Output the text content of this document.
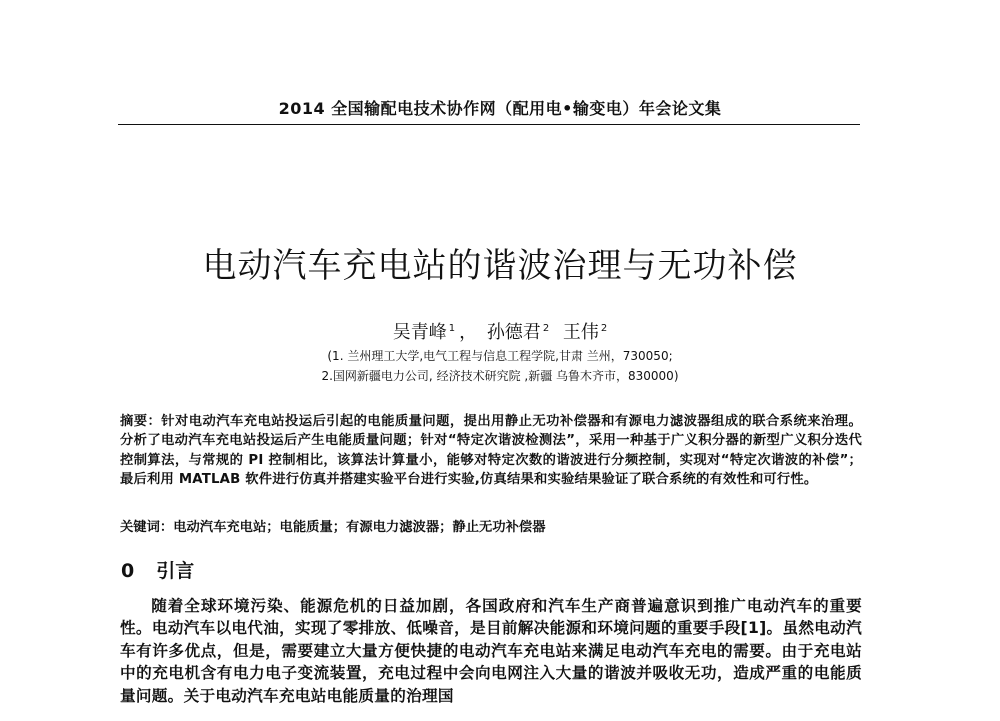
2014 全国输配电技术协作网（配用电•输变电）年会论文集
电动汽车充电站的谐波治理与无功补偿
吴青峰 $^1$ ， 孙德君 $^2$ 王伟 $^2$
(1. 兰州理工大学,电气工程与信息工程学院,甘肃 兰州，730050;
2.国网新疆电力公司, 经济技术研究院 ,新疆 乌鲁木齐市，830000)
摘要：针对电动汽车充电站投运后引起的电能质量问题，提出用静止无功补偿器和有源电力滤波器组成的联合系统来治理。分析了电动汽车充电站投运后产生电能质量问题；针对“特定次谐波检测法”，采用一种基于广义积分器的新型广义积分迭代控制算法，与常规的 PI 控制相比，该算法计算量小，能够对特定次数的谐波进行分频控制，实现对“特定次谐波的补偿”；最后利用 MATLAB 软件进行仿真并搭建实验平台进行实验,仿真结果和实验结果验证了联合系统的有效性和可行性。
关键词：电动汽车充电站；电能质量；有源电力滤波器；静止无功补偿器
0 引言
随着全球环境污染、能源危机的日益加剧，各国政府和汽车生产商普遍意识到推广电动汽车的重要性。电动汽车以电代油，实现了零排放、低噪音，是目前解决能源和环境问题的重要手段[1]。虽然电动汽车有许多优点，但是，需要建立大量方便快捷的电动汽车充电站来满足电动汽车充电的需要。由于充电站中的充电机含有电力电子变流装置，充电过程中会向电网注入大量的谐波并吸收无功，造成严重的电能质量问题。关于电动汽车充电站电能质量的治理国
